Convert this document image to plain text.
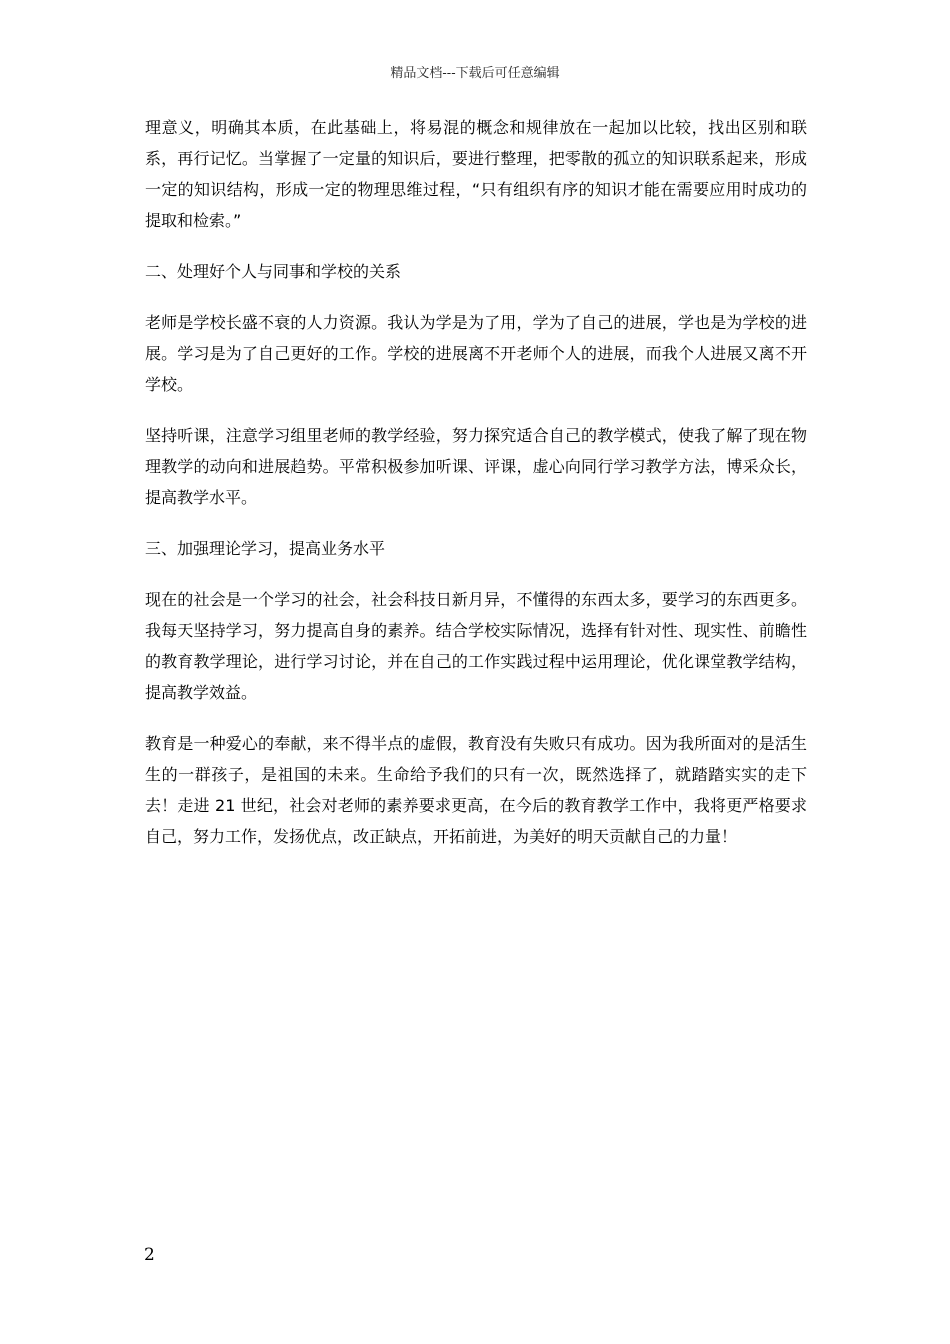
精品文档---下载后可任意编辑

理意义，明确其本质，在此基础上，将易混的概念和规律放在一起加以比较，找出区别和联系，再行记忆。当掌握了一定量的知识后，要进行整理，把零散的孤立的知识联系起来，形成一定的知识结构，形成一定的物理思维过程，“只有组织有序的知识才能在需要应用时成功的提取和检索。”

二、处理好个人与同事和学校的关系

老师是学校长盛不衰的人力资源。我认为学是为了用，学为了自己的进展，学也是为学校的进展。学习是为了自己更好的工作。学校的进展离不开老师个人的进展，而我个人进展又离不开学校。

坚持听课，注意学习组里老师的教学经验，努力探究适合自己的教学模式，使我了解了现在物理教学的动向和进展趋势。平常积极参加听课、评课，虚心向同行学习教学方法，博采众长，提高教学水平。

三、加强理论学习，提高业务水平

现在的社会是一个学习的社会，社会科技日新月异，不懂得的东西太多，要学习的东西更多。我每天坚持学习，努力提高自身的素养。结合学校实际情况，选择有针对性、现实性、前瞻性的教育教学理论，进行学习讨论，并在自己的工作实践过程中运用理论，优化课堂教学结构，提高教学效益。

教育是一种爱心的奉献，来不得半点的虚假，教育没有失败只有成功。因为我所面对的是活生生的一群孩子，是祖国的未来。生命给予我们的只有一次，既然选择了，就踏踏实实的走下去！走进 21 世纪，社会对老师的素养要求更高，在今后的教育教学工作中，我将更严格要求自己，努力工作，发扬优点，改正缺点，开拓前进，为美好的明天贡献自己的力量！

2
